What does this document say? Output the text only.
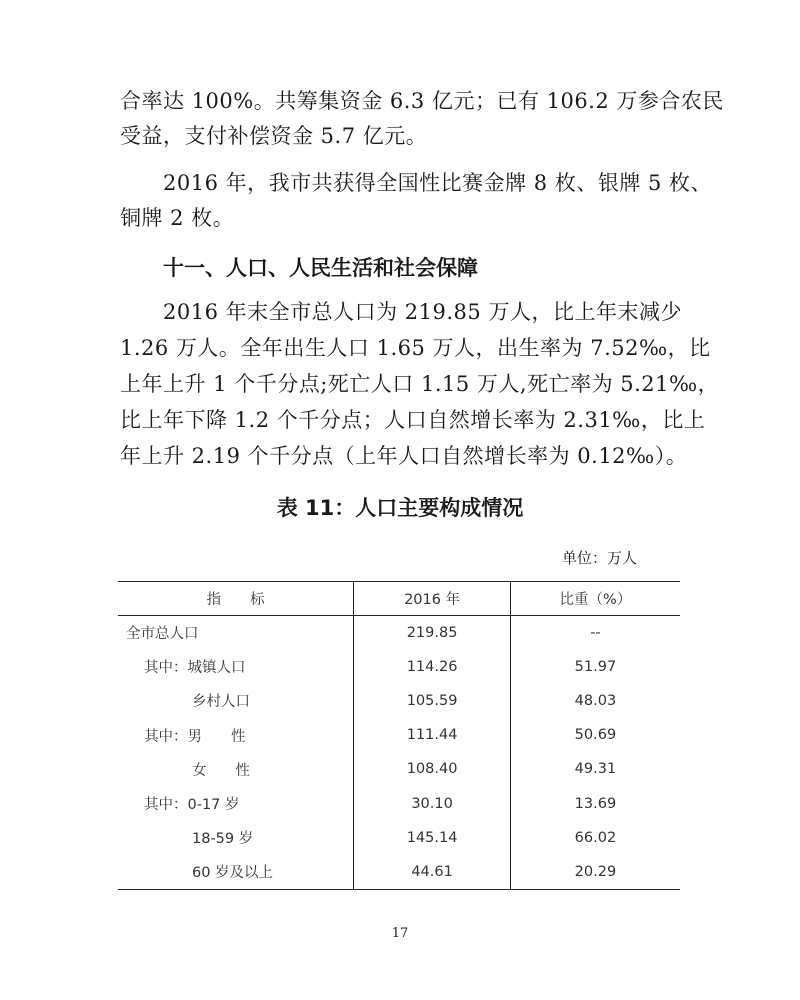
合率达 100%。共筹集资金 6.3 亿元；已有 106.2 万参合农民
受益，支付补偿资金 5.7 亿元。
2016 年，我市共获得全国性比赛金牌 8 枚、银牌 5 枚、
铜牌 2 枚。
十一、人口、人民生活和社会保障
2016 年末全市总人口为 219.85 万人，比上年末减少
1.26 万人。全年出生人口 1.65 万人，出生率为 7.52‰，比
上年上升 1 个千分点;死亡人口 1.15 万人,死亡率为 5.21‰，
比上年下降 1.2 个千分点；人口自然增长率为 2.31‰，比上
年上升 2.19 个千分点（上年人口自然增长率为 0.12‰）。
表 11：人口主要构成情况
单位：万人
指　　标	2016 年	比重（%）
全市总人口	219.85	--
其中：城镇人口	114.26	51.97
乡村人口	105.59	48.03
其中：男　　性	111.44	50.69
女　　性	108.40	49.31
其中：0-17 岁	30.10	13.69
18-59 岁	145.14	66.02
60 岁及以上	44.61	20.29
17
